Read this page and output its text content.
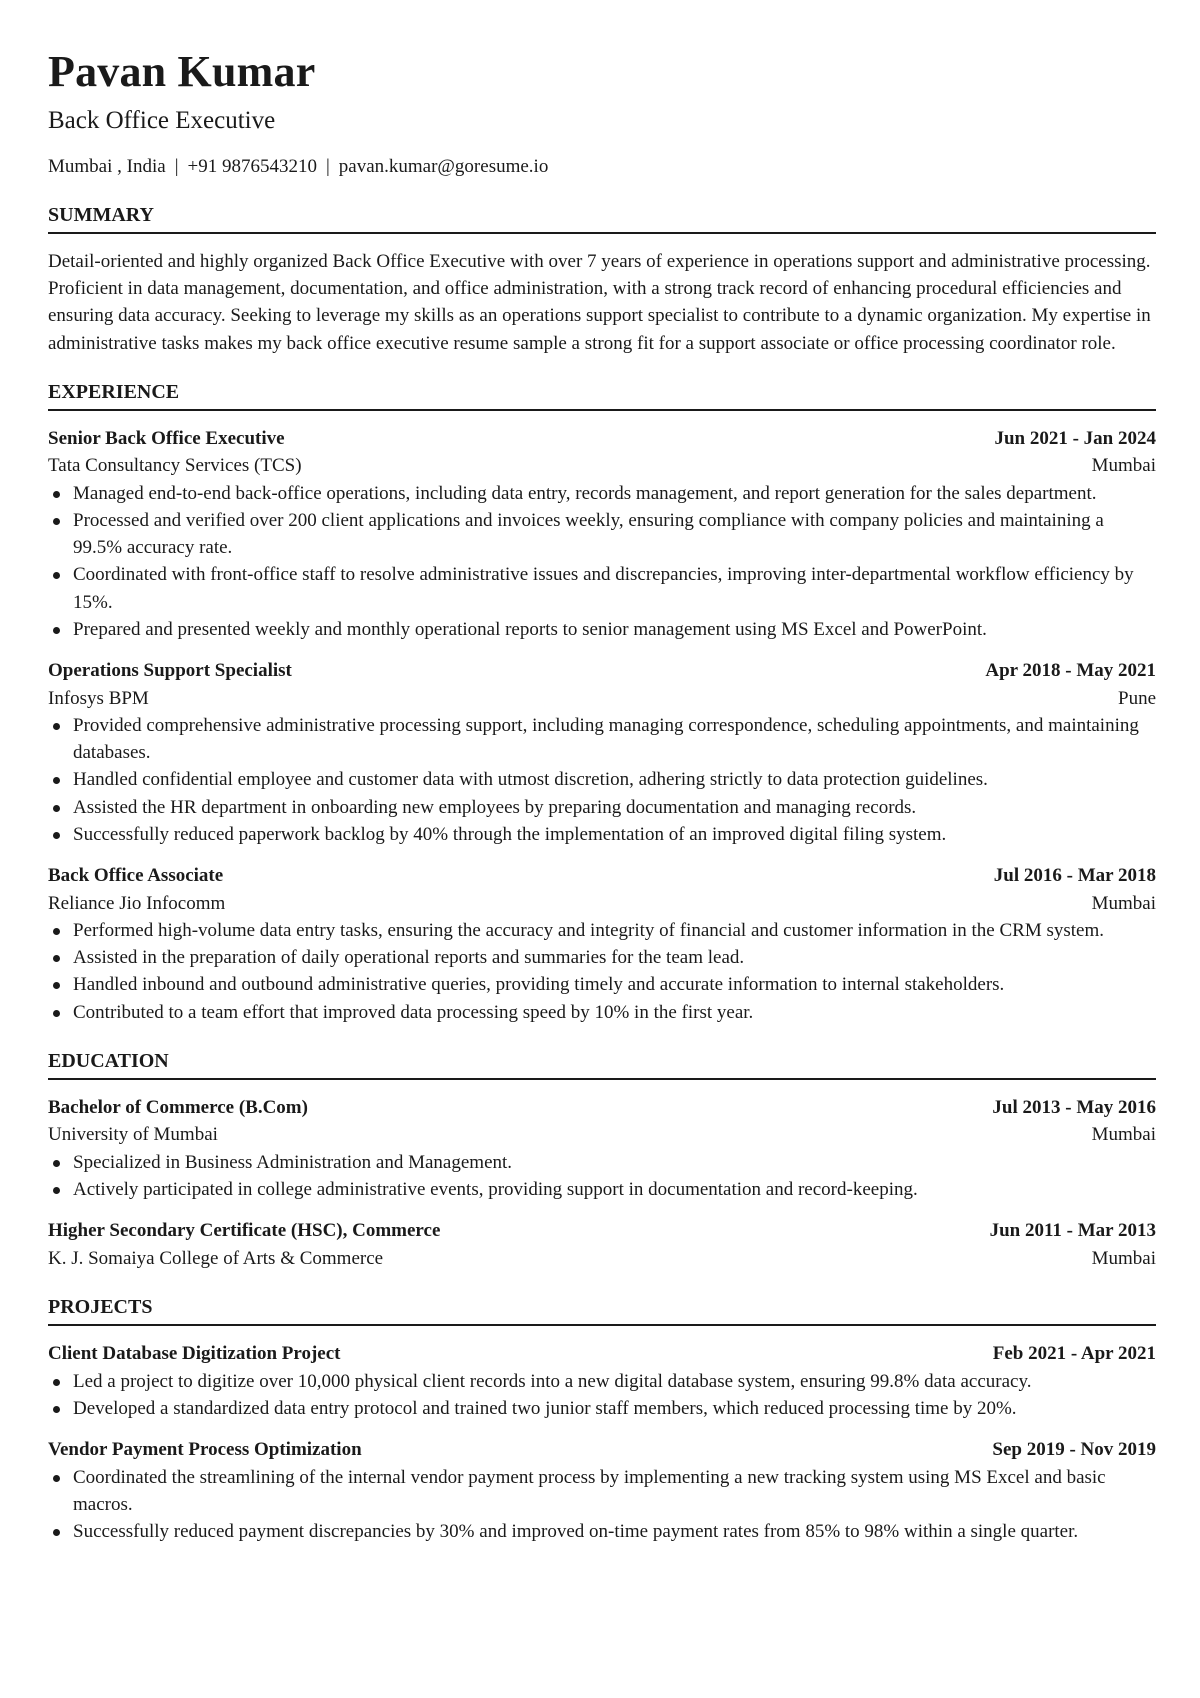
Pavan Kumar
Back Office Executive
Mumbai , India | +91 9876543210 | pavan.kumar@goresume.io
SUMMARY
Detail-oriented and highly organized Back Office Executive with over 7 years of experience in operations support and administrative processing. Proficient in data management, documentation, and office administration, with a strong track record of enhancing procedural efficiencies and ensuring data accuracy. Seeking to leverage my skills as an operations support specialist to contribute to a dynamic organization. My expertise in administrative tasks makes my back office executive resume sample a strong fit for a support associate or office processing coordinator role.
EXPERIENCE
Senior Back Office Executive	Jun 2021 - Jan 2024
Tata Consultancy Services (TCS)	Mumbai
Managed end-to-end back-office operations, including data entry, records management, and report generation for the sales department.
Processed and verified over 200 client applications and invoices weekly, ensuring compliance with company policies and maintaining a 99.5% accuracy rate.
Coordinated with front-office staff to resolve administrative issues and discrepancies, improving inter-departmental workflow efficiency by 15%.
Prepared and presented weekly and monthly operational reports to senior management using MS Excel and PowerPoint.
Operations Support Specialist	Apr 2018 - May 2021
Infosys BPM	Pune
Provided comprehensive administrative processing support, including managing correspondence, scheduling appointments, and maintaining databases.
Handled confidential employee and customer data with utmost discretion, adhering strictly to data protection guidelines.
Assisted the HR department in onboarding new employees by preparing documentation and managing records.
Successfully reduced paperwork backlog by 40% through the implementation of an improved digital filing system.
Back Office Associate	Jul 2016 - Mar 2018
Reliance Jio Infocomm	Mumbai
Performed high-volume data entry tasks, ensuring the accuracy and integrity of financial and customer information in the CRM system.
Assisted in the preparation of daily operational reports and summaries for the team lead.
Handled inbound and outbound administrative queries, providing timely and accurate information to internal stakeholders.
Contributed to a team effort that improved data processing speed by 10% in the first year.
EDUCATION
Bachelor of Commerce (B.Com)	Jul 2013 - May 2016
University of Mumbai	Mumbai
Specialized in Business Administration and Management.
Actively participated in college administrative events, providing support in documentation and record-keeping.
Higher Secondary Certificate (HSC), Commerce	Jun 2011 - Mar 2013
K. J. Somaiya College of Arts & Commerce	Mumbai
PROJECTS
Client Database Digitization Project	Feb 2021 - Apr 2021
Led a project to digitize over 10,000 physical client records into a new digital database system, ensuring 99.8% data accuracy.
Developed a standardized data entry protocol and trained two junior staff members, which reduced processing time by 20%.
Vendor Payment Process Optimization	Sep 2019 - Nov 2019
Coordinated the streamlining of the internal vendor payment process by implementing a new tracking system using MS Excel and basic macros.
Successfully reduced payment discrepancies by 30% and improved on-time payment rates from 85% to 98% within a single quarter.
